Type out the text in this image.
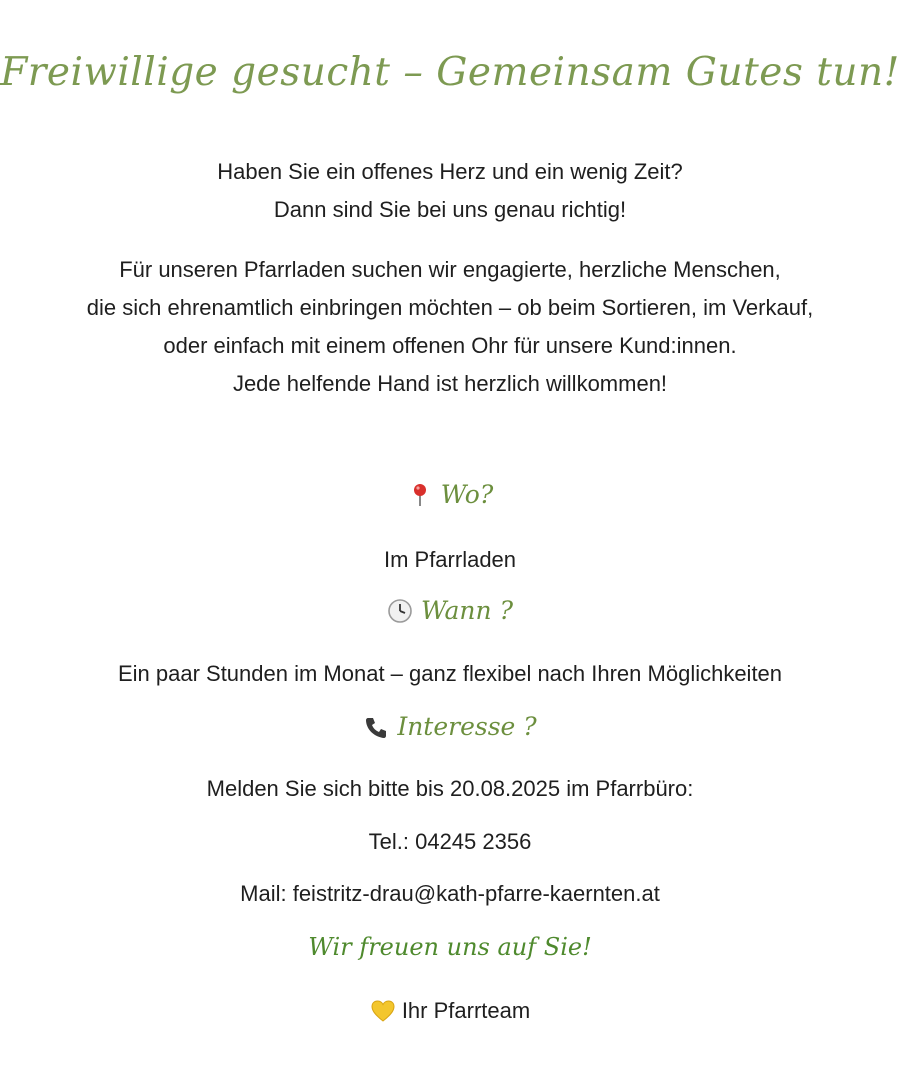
Freiwillige gesucht – Gemeinsam Gutes tun!
Haben Sie ein offenes Herz und ein wenig Zeit?
Dann sind Sie bei uns genau richtig!
Für unseren Pfarrladen suchen wir engagierte, herzliche Menschen,
die sich ehrenamtlich einbringen möchten – ob beim Sortieren, im Verkauf,
oder einfach mit einem offenen Ohr für unsere Kund:innen.
Jede helfende Hand ist herzlich willkommen!
Wo?
Im Pfarrladen
Wann ?
Ein paar Stunden im Monat – ganz flexibel nach Ihren Möglichkeiten
Interesse ?
Melden Sie sich bitte bis 20.08.2025 im Pfarrbüro:
Tel.: 04245 2356
Mail: feistritz-drau@kath-pfarre-kaernten.at
Wir freuen uns auf Sie!
Ihr Pfarrteam
